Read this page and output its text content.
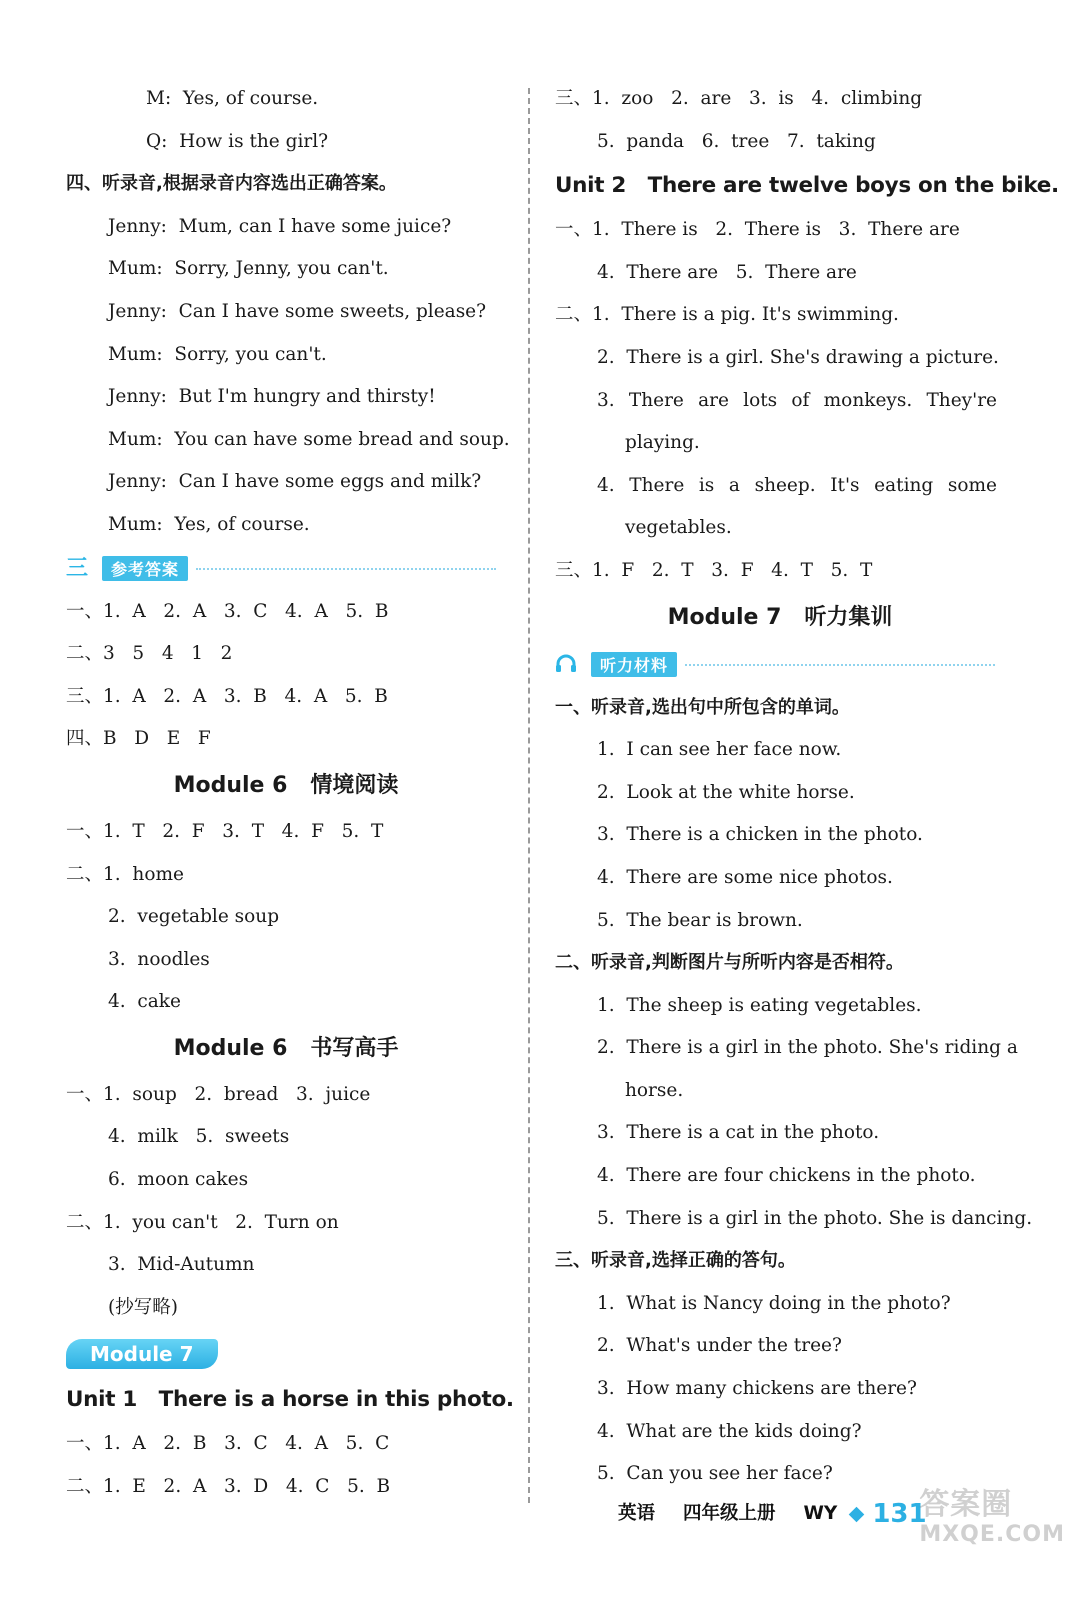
M:  Yes, of course.
Q:  How is the girl?
四、听录音,根据录音内容选出正确答案。
Jenny:  Mum, can I have some juice?
Mum:  Sorry, Jenny, you can't.
Jenny:  Can I have some sweets, please?
Mum:  Sorry, you can't.
Jenny:  But I'm hungry and thirsty!
Mum:  You can have some bread and soup.
Jenny:  Can I have some eggs and milk?
Mum:  Yes, of course.
三	参考答案
一、1.  A   2.  A   3.  C   4.  A   5.  B
二、3   5   4   1   2
三、1.  A   2.  A   3.  B   4.  A   5.  B
四、B   D   E   F
Module 6   情境阅读
一、1.  T   2.  F   3.  T   4.  F   5.  T
二、1.  home
2.  vegetable soup
3.  noodles
4.  cake
Module 6   书写高手
一、1.  soup   2.  bread   3.  juice
4.  milk   5.  sweets
6.  moon cakes
二、1.  you can't   2.  Turn on
3.  Mid-Autumn
(抄写略)
Module 7
Unit 1   There is a horse in this photo.
一、1.  A   2.  B   3.  C   4.  A   5.  C
二、1.  E   2.  A   3.  D   4.  C   5.  B
三、1.  zoo   2.  are   3.  is   4.  climbing
5.  panda   6.  tree   7.  taking
Unit 2   There are twelve boys on the bike.
一、1.  There is   2.  There is   3.  There are
4.  There are   5.  There are
二、1.  There is a pig. It's swimming.
2.  There is a girl. She's drawing a picture.
3. There are lots of monkeys. They're
playing.
4. There is a sheep. It's eating some
vegetables.
三、1.  F   2.  T   3.  F   4.  T   5.  T
Module 7   听力集训
听力材料
一、听录音,选出句中所包含的单词。
1.  I can see her face now.
2.  Look at the white horse.
3.  There is a chicken in the photo.
4.  There are some nice photos.
5.  The bear is brown.
二、听录音,判断图片与所听内容是否相符。
1.  The sheep is eating vegetables.
2.  There is a girl in the photo. She's riding a
horse.
3.  There is a cat in the photo.
4.  There are four chickens in the photo.
5.  There is a girl in the photo. She is dancing.
三、听录音,选择正确的答句。
1.  What is Nancy doing in the photo?
2.  What's under the tree?
3.  How many chickens are there?
4.  What are the kids doing?
5.  Can you see her face?
英语 四年级上册 WY 131
答案圈
MXQE.COM
